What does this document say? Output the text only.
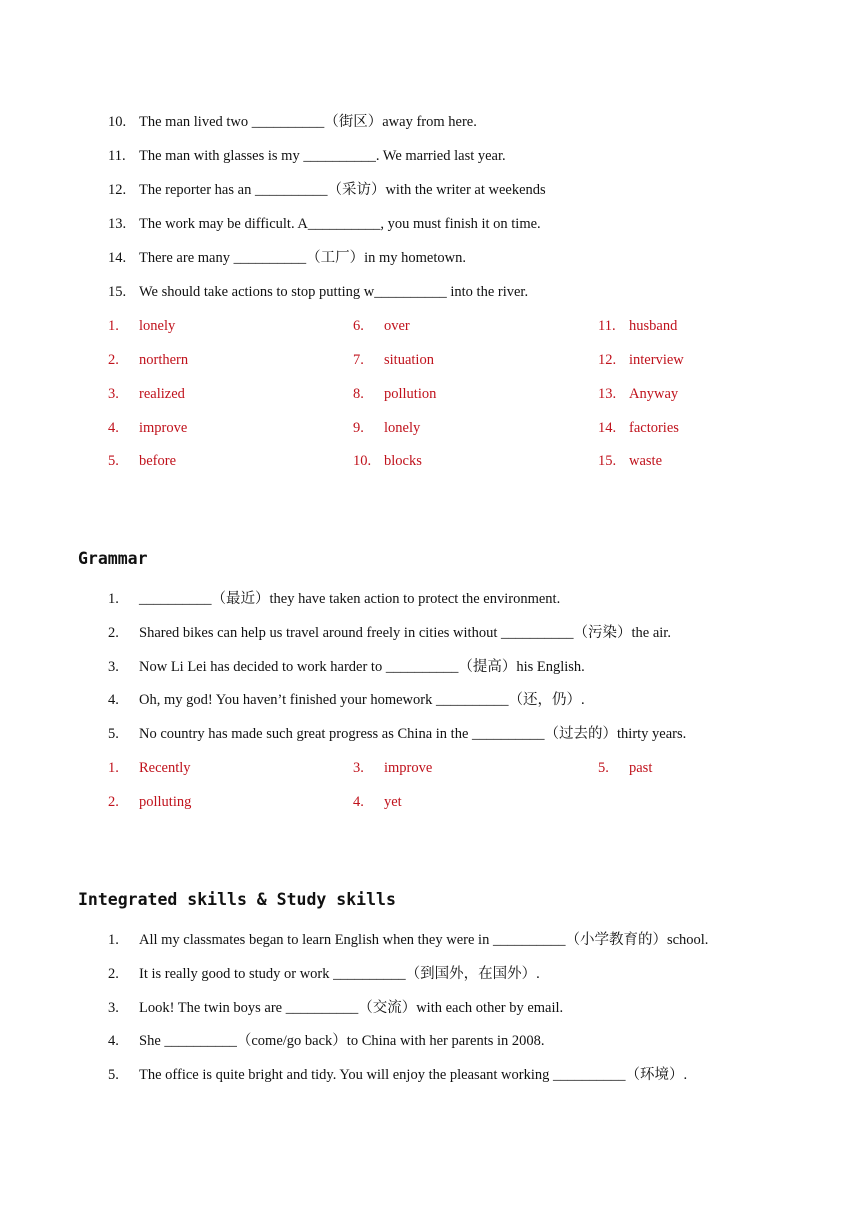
10. The man lived two __________（街区）away from here.
11. The man with glasses is my __________. We married last year.
12. The reporter has an __________（采访）with the writer at weekends
13. The work may be difficult. A__________, you must finish it on time.
14. There are many __________（工厂）in my hometown.
15. We should take actions to stop putting w__________ into the river.
1. lonely	6. over	11. husband
2. northern	7. situation	12. interview
3. realized	8. pollution	13. Anyway
4. improve	9. lonely	14. factories
5. before	10. blocks	15. waste
Grammar
1. __________（最近）they have taken action to protect the environment.
2. Shared bikes can help us travel around freely in cities without __________（污染）the air.
3. Now Li Lei has decided to work harder to __________（提高）his English.
4. Oh, my god! You haven’t finished your homework __________（还，仍）.
5. No country has made such great progress as China in the __________（过去的）thirty years.
1. Recently	3. improve	5. past
2. polluting	4. yet
Integrated skills & Study skills
1. All my classmates began to learn English when they were in __________（小学教育的）school.
2. It is really good to study or work __________（到国外，在国外）.
3. Look! The twin boys are __________（交流）with each other by email.
4. She __________（come/go back）to China with her parents in 2008.
5. The office is quite bright and tidy. You will enjoy the pleasant working __________（环境）.
